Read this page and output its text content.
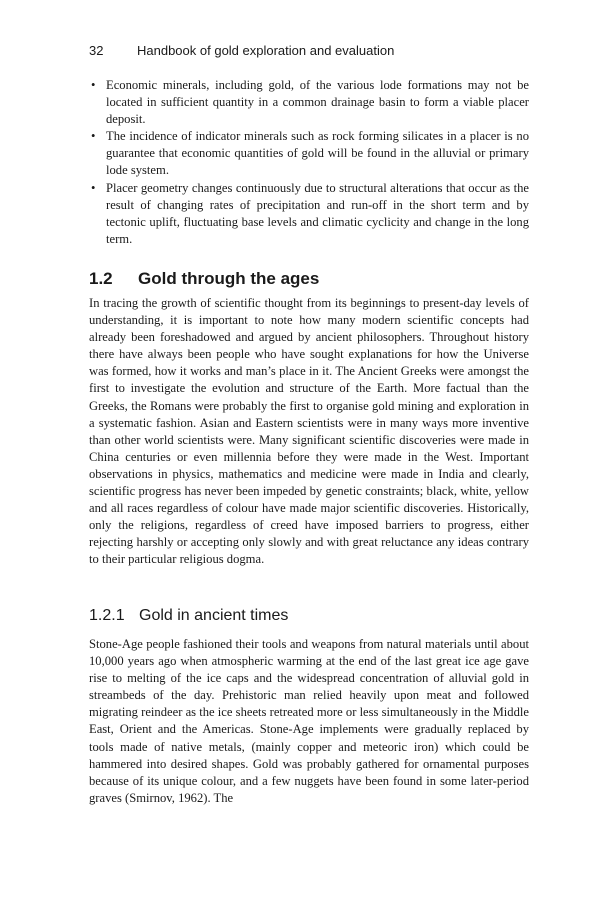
32	Handbook of gold exploration and evaluation
• Economic minerals, including gold, of the various lode formations may not be located in sufficient quantity in a common drainage basin to form a viable placer deposit.
• The incidence of indicator minerals such as rock forming silicates in a placer is no guarantee that economic quantities of gold will be found in the alluvial or primary lode system.
• Placer geometry changes continuously due to structural alterations that occur as the result of changing rates of precipitation and run-off in the short term and by tectonic uplift, fluctuating base levels and climatic cyclicity and change in the long term.
1.2 Gold through the ages

In tracing the growth of scientific thought from its beginnings to present-day levels of understanding, it is important to note how many modern scientific concepts had already been foreshadowed and argued by ancient philosophers. Throughout history there have always been people who have sought explanations for how the Universe was formed, how it works and man’s place in it. The Ancient Greeks were amongst the first to investigate the evolution and structure of the Earth. More factual than the Greeks, the Romans were probably the first to organise gold mining and exploration in a systematic fashion. Asian and Eastern scientists were in many ways more inventive than other world scientists were. Many significant scientific discoveries were made in China centuries or even millennia before they were made in the West. Important observations in physics, mathematics and medicine were made in India and clearly, scientific progress has never been impeded by genetic constraints; black, white, yellow and all races regardless of colour have made major scientific discoveries. Historically, only the religions, regardless of creed have imposed barriers to progress, either rejecting harshly or accepting only slowly and with great reluctance any ideas contrary to their particular religious dogma.

1.2.1 Gold in ancient times

Stone-Age people fashioned their tools and weapons from natural materials until about 10,000 years ago when atmospheric warming at the end of the last great ice age gave rise to melting of the ice caps and the widespread concentration of alluvial gold in streambeds of the day. Prehistoric man relied heavily upon meat and followed migrating reindeer as the ice sheets retreated more or less simultaneously in the Middle East, Orient and the Americas. Stone-Age implements were gradually replaced by tools made of native metals, (mainly copper and meteoric iron) which could be hammered into desired shapes. Gold was probably gathered for ornamental purposes because of its unique colour, and a few nuggets have been found in some later-period graves (Smirnov, 1962). The
